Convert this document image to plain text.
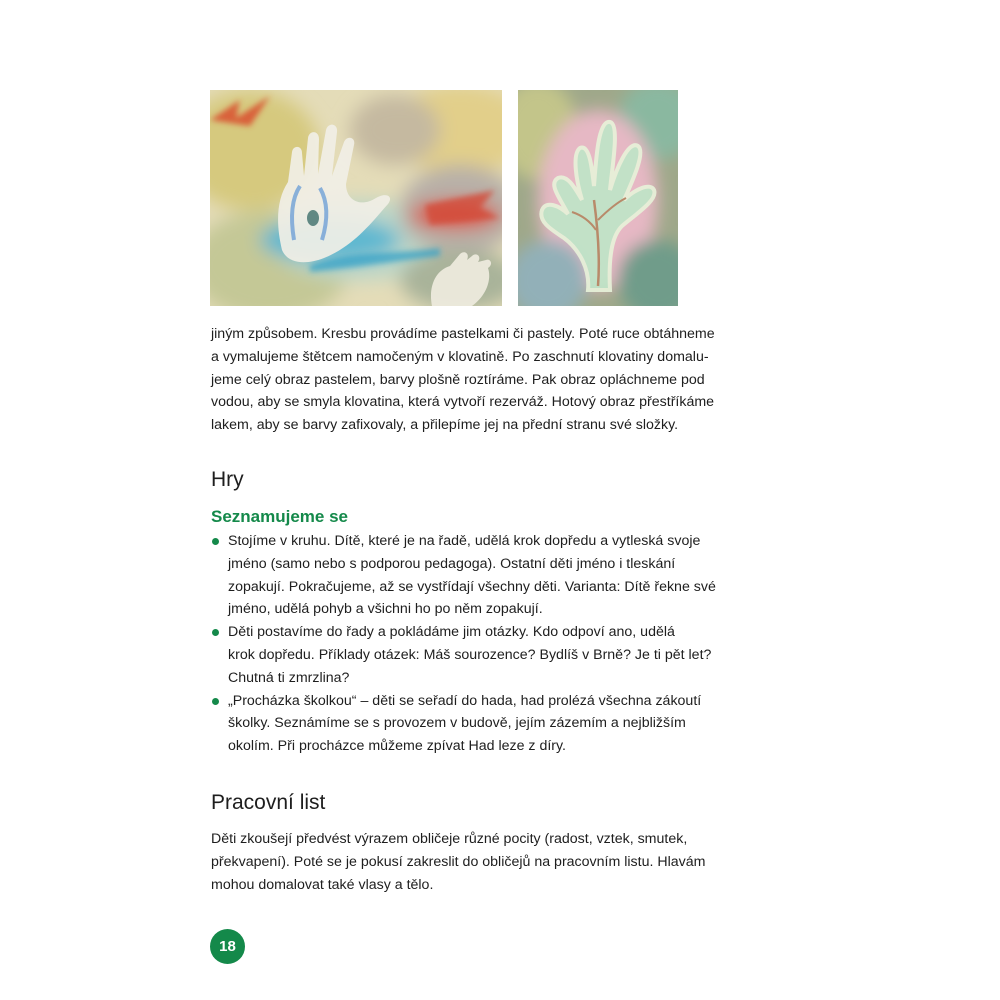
jiným způsobem. Kresbu provádíme pastelkami či pastely. Poté ruce obtáhneme
a vymalujeme štětcem namočeným v klovatině. Po zaschnutí klovatiny domalu-
jeme celý obraz pastelem, barvy plošně roztíráme. Pak obraz opláchneme pod
vodou, aby se smyla klovatina, která vytvoří rezerváž. Hotový obraz přestříkáme
lakem, aby se barvy zafixovaly, a přilepíme jej na přední stranu své složky.

Hry
Seznamujeme se
Stojíme v kruhu. Dítě, které je na řadě, udělá krok dopředu a vytleská svoje
jméno (samo nebo s podporou pedagoga). Ostatní děti jméno i tleskání
zopakují. Pokračujeme, až se vystřídají všechny děti. Varianta: Dítě řekne své
jméno, udělá pohyb a všichni ho po něm zopakují.
Děti postavíme do řady a pokládáme jim otázky. Kdo odpoví ano, udělá
krok dopředu. Příklady otázek: Máš sourozence? Bydlíš v Brně? Je ti pět let?
Chutná ti zmrzlina?
„Procházka školkou“ – děti se seřadí do hada, had prolézá všechna zákoutí
školky. Seznámíme se s provozem v budově, jejím zázemím a nejbližším
okolím. Při procházce můžeme zpívat Had leze z díry.
Pracovní list

Děti zkoušejí předvést výrazem obličeje různé pocity (radost, vztek, smutek,
překvapení). Poté se je pokusí zakreslit do obličejů na pracovním listu. Hlavám
mohou domalovat také vlasy a tělo.

18
